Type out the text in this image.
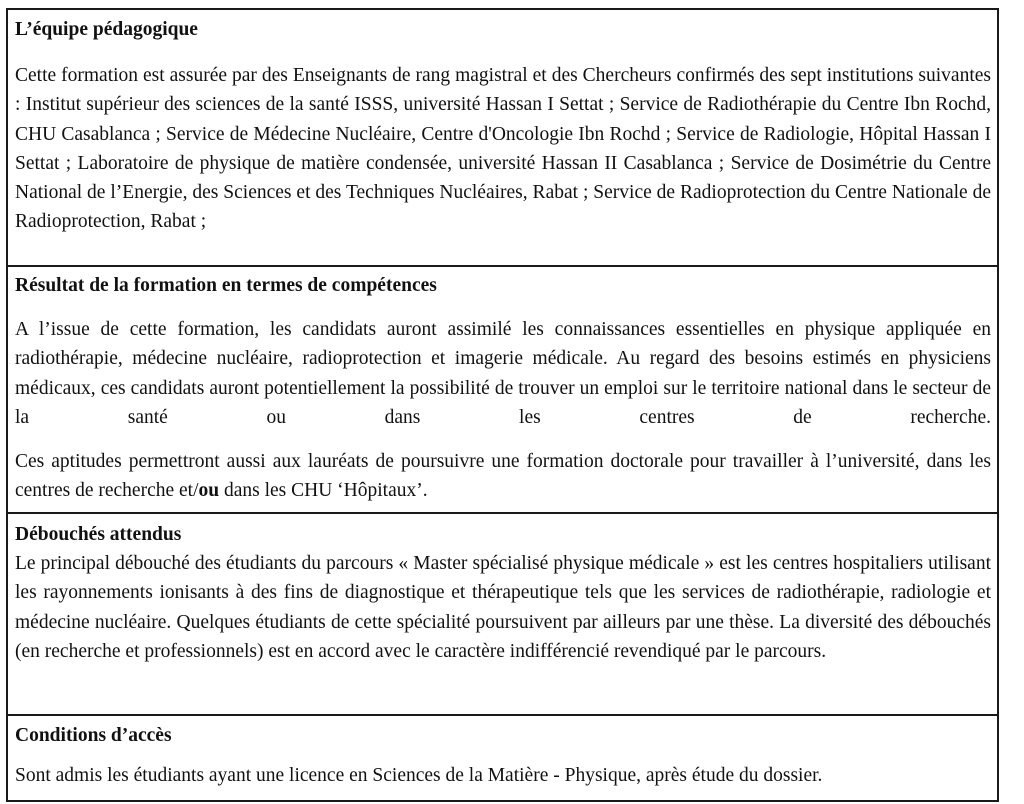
L’équipe pédagogique

Cette formation est assurée par des Enseignants de rang magistral et des Chercheurs confirmés des sept institutions suivantes : Institut supérieur des sciences de la santé ISSS, université Hassan I Settat ; Service de Radiothérapie du Centre Ibn Rochd, CHU Casablanca ; Service de Médecine Nucléaire, Centre d'Oncologie Ibn Rochd ; Service de Radiologie, Hôpital Hassan I Settat ; Laboratoire de physique de matière condensée, université Hassan II Casablanca ; Service de Dosimétrie du Centre National de l’Energie, des Sciences et des Techniques Nucléaires, Rabat ; Service de Radioprotection du Centre Nationale de Radioprotection, Rabat ;

Résultat de la formation en termes de compétences

A l’issue de cette formation, les candidats auront assimilé les connaissances essentielles en physique appliquée en radiothérapie, médecine nucléaire, radioprotection et imagerie médicale. Au regard des besoins estimés en physiciens médicaux, ces candidats auront potentiellement la possibilité de trouver un emploi sur le territoire national dans le secteur de la santé ou dans les centres de recherche.

Ces aptitudes permettront aussi aux lauréats de poursuivre une formation doctorale pour travailler à l’université, dans les centres de recherche et/ou dans les CHU ‘Hôpitaux’.

Débouchés attendus

Le principal débouché des étudiants du parcours « Master spécialisé physique médicale » est les centres hospitaliers utilisant les rayonnements ionisants à des fins de diagnostique et thérapeutique tels que les services de radiothérapie, radiologie et médecine nucléaire. Quelques étudiants de cette spécialité poursuivent par ailleurs par une thèse. La diversité des débouchés (en recherche et professionnels) est en accord avec le caractère indifférencié revendiqué par le parcours.

Conditions d’accès

Sont admis les étudiants ayant une licence en Sciences de la Matière - Physique, après étude du dossier.
